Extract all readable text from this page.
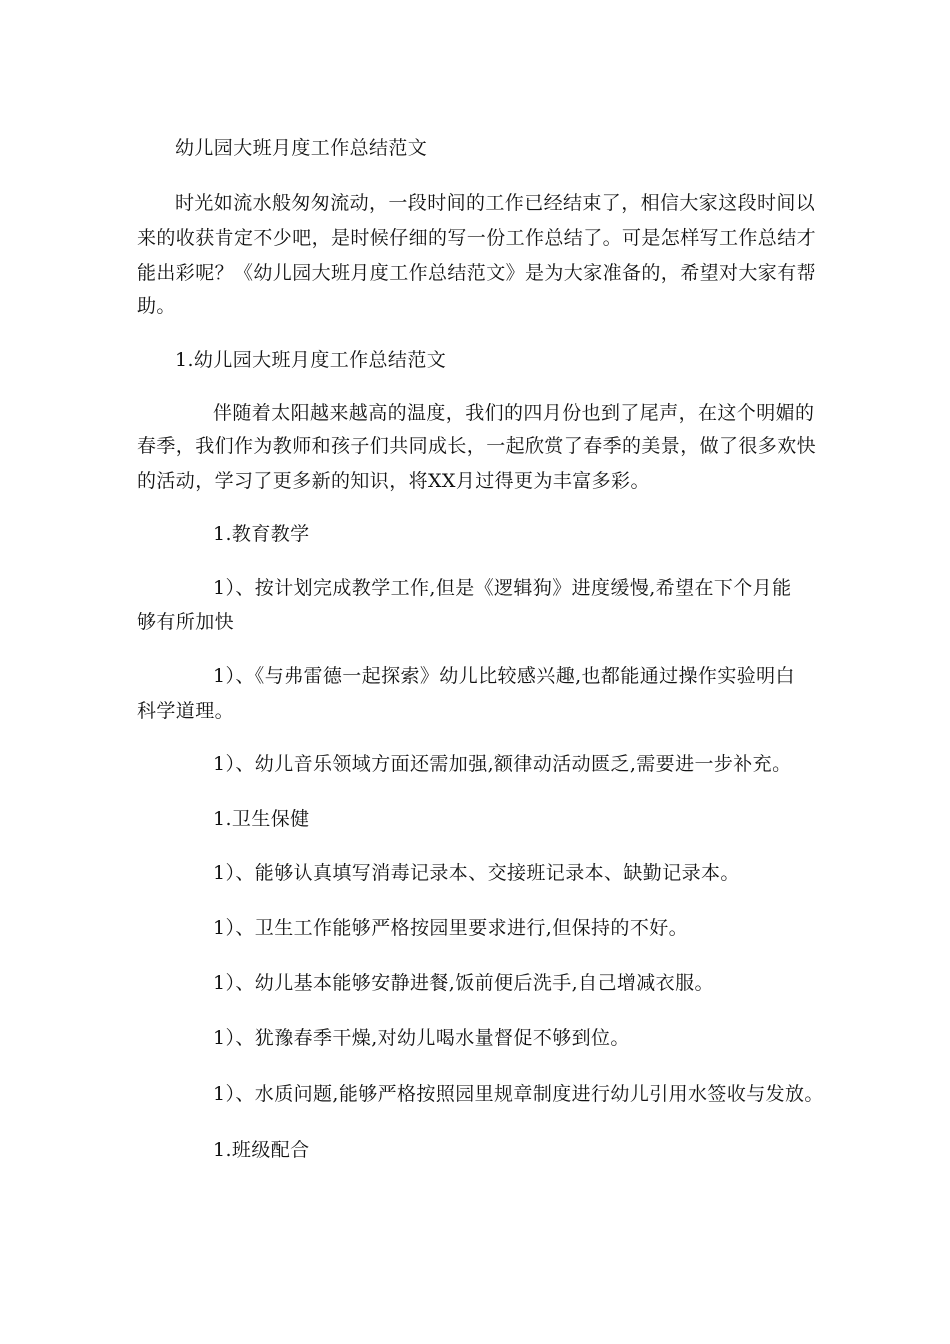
幼儿园大班月度工作总结范文
时光如流水般匆匆流动，一段时间的工作已经结束了，相信大家这段时间以
来的收获肯定不少吧，是时候仔细的写一份工作总结了。可是怎样写工作总结才
能出彩呢？《幼儿园大班月度工作总结范文》是为大家准备的，希望对大家有帮
助。
1.幼儿园大班月度工作总结范文
伴随着太阳越来越高的温度，我们的四月份也到了尾声，在这个明媚的
春季，我们作为教师和孩子们共同成长，一起欣赏了春季的美景，做了很多欢快
的活动，学习了更多新的知识，将XX月过得更为丰富多彩。
1.教育教学
1）、按计划完成教学工作,但是《逻辑狗》进度缓慢,希望在下个月能
够有所加快
1）、《与弗雷德一起探索》幼儿比较感兴趣,也都能通过操作实验明白
科学道理。
1）、幼儿音乐领域方面还需加强,额律动活动匮乏,需要进一步补充。
1.卫生保健
1）、能够认真填写消毒记录本、交接班记录本、缺勤记录本。
1）、卫生工作能够严格按园里要求进行,但保持的不好。
1）、幼儿基本能够安静进餐,饭前便后洗手,自己增减衣服。
1）、犹豫春季干燥,对幼儿喝水量督促不够到位。
1）、水质问题,能够严格按照园里规章制度进行幼儿引用水签收与发放。
1.班级配合
